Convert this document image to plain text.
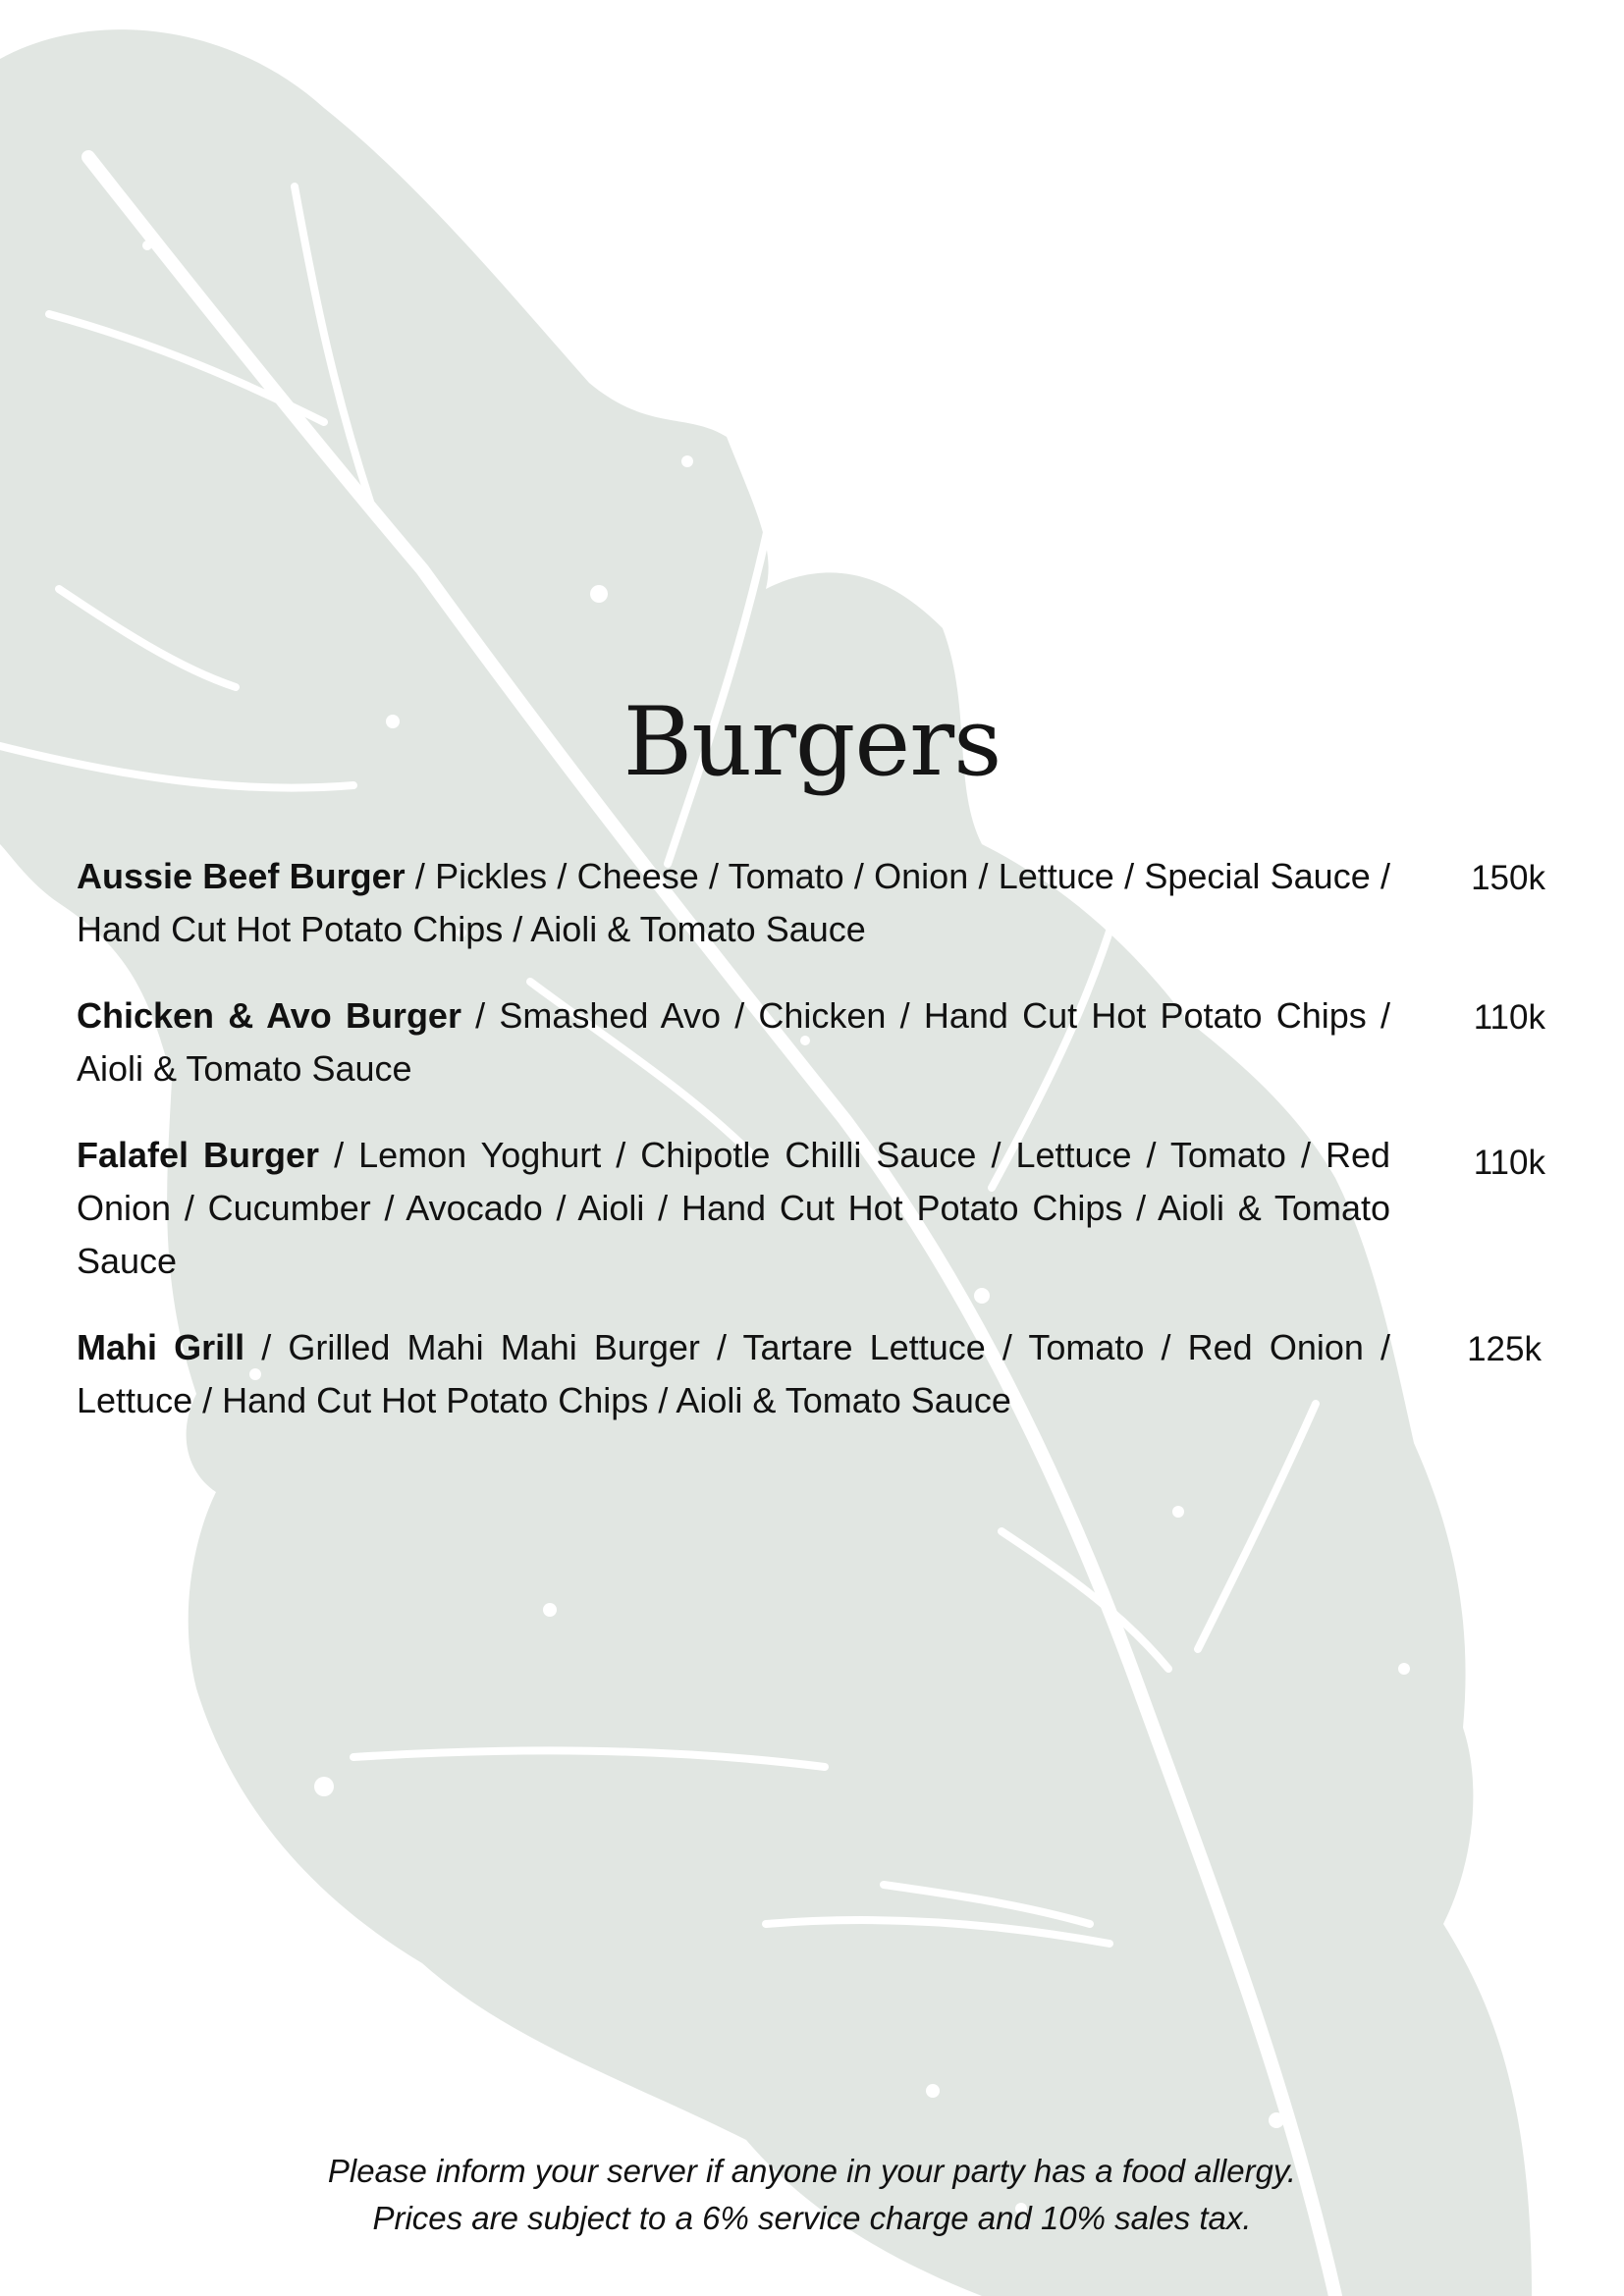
Burgers
Aussie Beef Burger / Pickles / Cheese / Tomato / Onion / Lettuce / Special Sauce / Hand Cut Hot Potato Chips / Aioli & Tomato Sauce
150k
Chicken & Avo Burger / Smashed Avo / Chicken / Hand Cut Hot Potato Chips / Aioli & Tomato Sauce
110k
Falafel Burger / Lemon Yoghurt / Chipotle Chilli Sauce / Lettuce / Tomato / Red Onion / Cucumber / Avocado / Aioli / Hand Cut Hot Potato Chips / Aioli & Tomato Sauce
110k
Mahi Grill / Grilled Mahi Mahi Burger / Tartare Lettuce / Tomato / Red Onion / Lettuce / Hand Cut Hot Potato Chips / Aioli & Tomato Sauce
125k
Please inform your server if anyone in your party has a food allergy.
Prices are subject to a 6% service charge and 10% sales tax.
